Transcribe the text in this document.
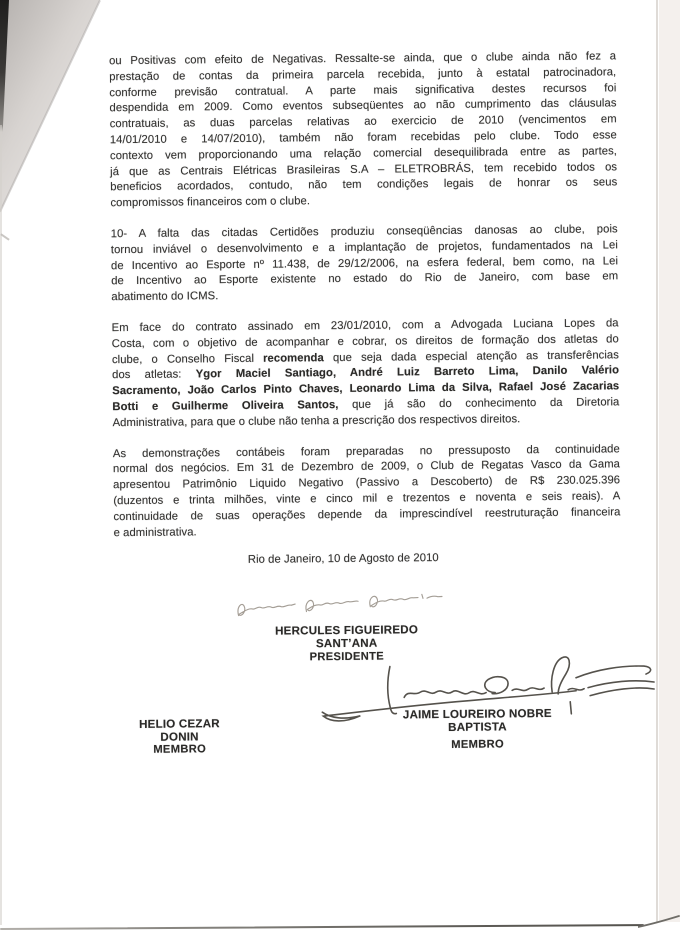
ou Positivas com efeito de Negativas. Ressalte-se ainda, que o clube ainda não fez a
prestação de contas da primeira parcela recebida, junto à estatal patrocinadora,
conforme previsão contratual. A parte mais significativa destes recursos foi
despendida em 2009. Como eventos subseqüentes ao não cumprimento das cláusulas
contratuais, as duas parcelas relativas ao exercicio de 2010 (vencimentos em
14/01/2010 e 14/07/2010), também não foram recebidas pelo clube. Todo esse
contexto vem proporcionando uma relação comercial desequilibrada entre as partes,
já que as Centrais Elétricas Brasileiras S.A – ELETROBRÁS, tem recebido todos os
beneficios acordados, contudo, não tem condições legais de honrar os seus
compromissos financeiros com o clube.
10- A falta das citadas Certidões produziu conseqüências danosas ao clube, pois
tornou inviável o desenvolvimento e a implantação de projetos, fundamentados na Lei
de Incentivo ao Esporte nº 11.438, de 29/12/2006, na esfera federal, bem como, na Lei
de Incentivo ao Esporte existente no estado do Rio de Janeiro, com base em
abatimento do ICMS.
Em face do contrato assinado em 23/01/2010, com a Advogada Luciana Lopes da
Costa, com o objetivo de acompanhar e cobrar, os direitos de formação dos atletas do
clube, o Conselho Fiscal recomenda que seja dada especial atenção as transferências
dos atletas: Ygor Maciel Santiago, André Luiz Barreto Lima, Danilo Valério
Sacramento, João Carlos Pinto Chaves, Leonardo Lima da Silva, Rafael José Zacarias
Botti e Guilherme Oliveira Santos, que já são do conhecimento da Diretoria
Administrativa, para que o clube não tenha a prescrição dos respectivos direitos.
As demonstrações contábeis foram preparadas no pressuposto da continuidade
normal dos negócios. Em 31 de Dezembro de 2009, o Club de Regatas Vasco da Gama
apresentou Patrimônio Liquido Negativo (Passivo a Descoberto) de R$ 230.025.396
(duzentos e trinta milhões, vinte e cinco mil e trezentos e noventa e seis reais). A
continuidade de suas operações depende da imprescindível reestruturação financeira
e administrativa.
Rio de Janeiro, 10 de Agosto de 2010
HERCULES FIGUEIREDO SANT’ANA
PRESIDENTE
HELIO CEZAR DONIN
MEMBRO
JAIME LOUREIRO NOBRE BAPTISTA
MEMBRO
